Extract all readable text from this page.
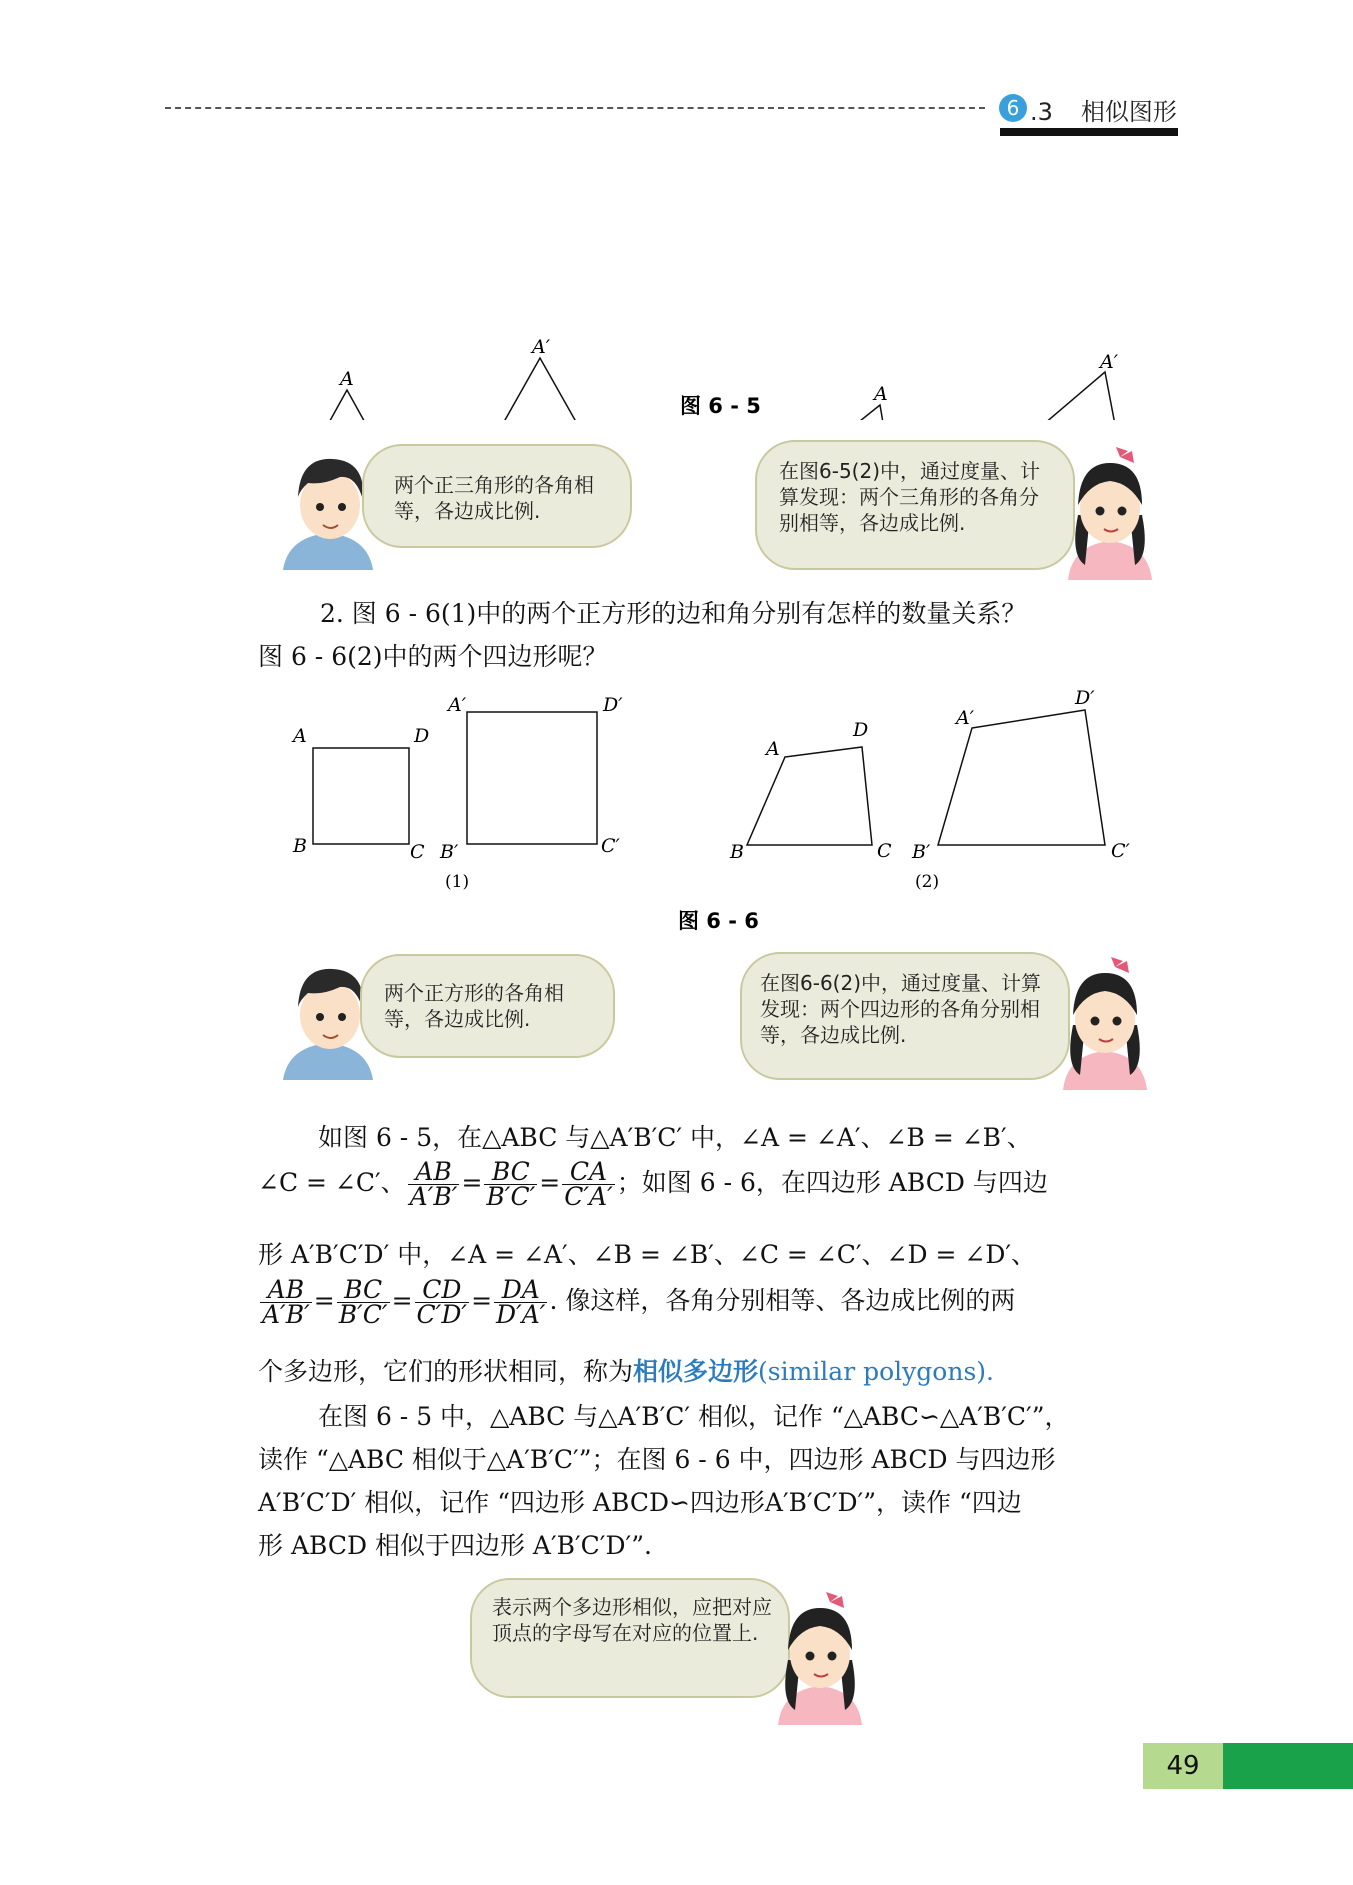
6 .3 相似图形
A
A′
A
A′
图 6 - 5

两个正三角形的各角相等，各边成比例.

在图6-5(2)中，通过度量、计算发现：两个三角形的各角分别相等，各边成比例.

2. 图 6 - 6(1)中的两个正方形的边和角分别有怎样的数量关系？
图 6 - 6(2)中的两个四边形呢？
A	D
B	C
A′	D′
B′	C′
A
D
B	C
A′
D′
B′	C′
(1)	(2)
图 6 - 6

两个正方形的各角相等，各边成比例.

在图6-6(2)中，通过度量、计算发现：两个四边形的各角分别相等，各边成比例.

如图 6 - 5，在△ABC 与△A′B′C′ 中，∠A = ∠A′、∠B = ∠B′、
∠C = ∠C′、 $\frac{AB}{A'B'} = \frac{BC}{B'C'} = \frac{CA}{C'A'}$ ；如图 6 - 6，在四边形 ABCD 与四边
形 A′B′C′D′ 中，∠A = ∠A′、∠B = ∠B′、∠C = ∠C′、∠D = ∠D′、
$\frac{AB}{A'B'} = \frac{BC}{B'C'} = \frac{CD}{C'D'} = \frac{DA}{D'A'}$ . 像这样，各角分别相等、各边成比例的两
个多边形，它们的形状相同，称为相似多边形(similar polygons).
在图 6 - 5 中，△ABC 与△A′B′C′ 相似，记作 “△ABC∽△A′B′C′”，
读作 “△ABC 相似于△A′B′C′”；在图 6 - 6 中，四边形 ABCD 与四边形
A′B′C′D′ 相似，记作 “四边形 ABCD∽四边形A′B′C′D′”，读作 “四边
形 ABCD 相似于四边形 A′B′C′D′”.

表示两个多边形相似，应把对应顶点的字母写在对应的位置上.

49
